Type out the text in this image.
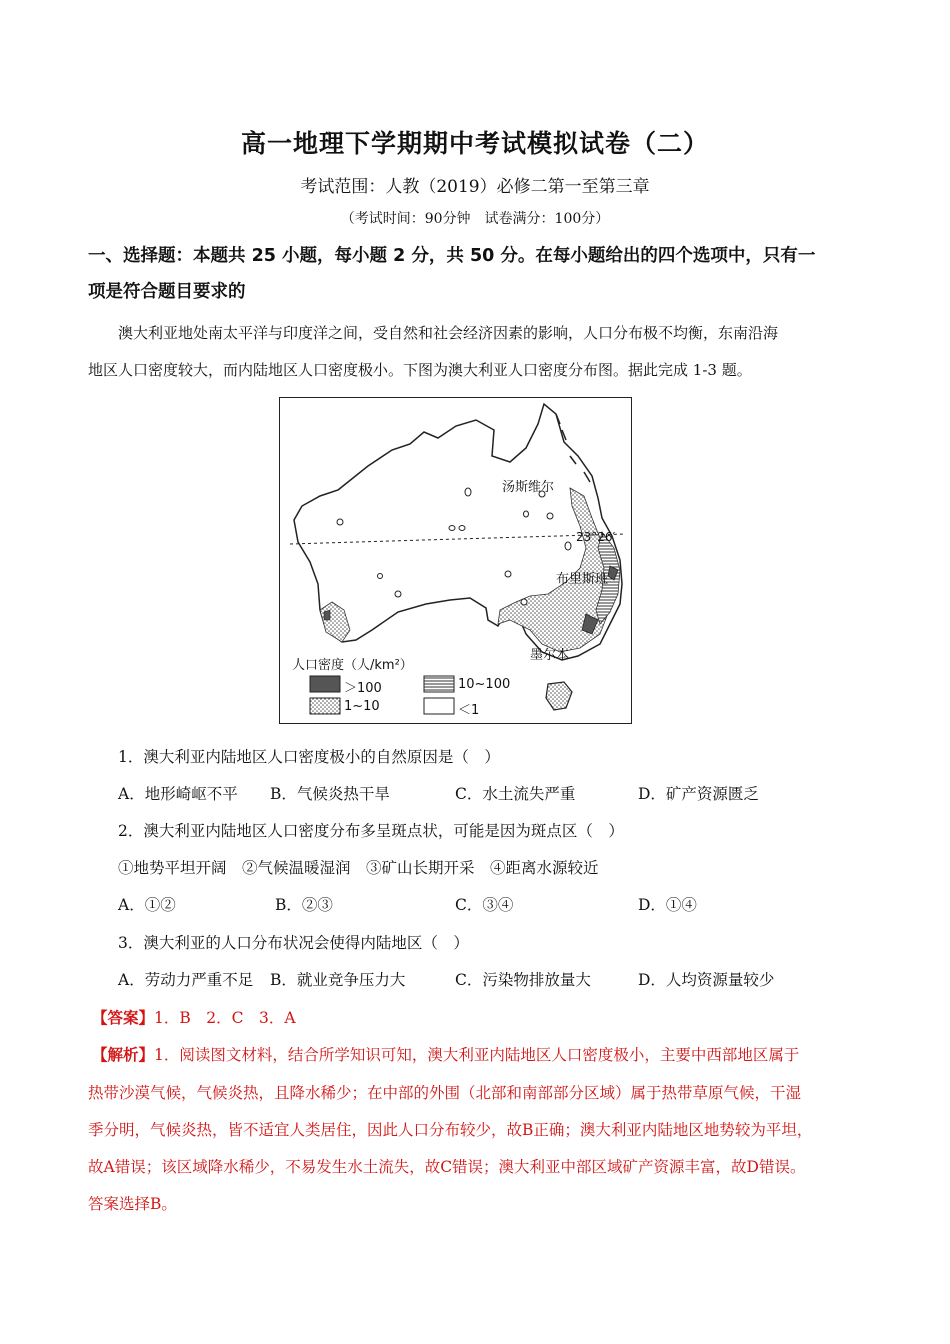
高一地理下学期期中考试模拟试卷（二）
考试范围：人教（2019）必修二第一至第三章
（考试时间：90分钟　试卷满分：100分）
一、选择题：本题共 25 小题，每小题 2 分，共 50 分。在每小题给出的四个选项中，只有一
项是符合题目要求的
澳大利亚地处南太平洋与印度洋之间，受自然和社会经济因素的影响，人口分布极不均衡，东南沿海
地区人口密度较大，而内陆地区人口密度极小。下图为澳大利亚人口密度分布图。据此完成 1-3 题。
汤斯维尔
布里斯班
墨尔本
23°26′
人口密度（人/km²）
＞100	10~100
1~10	＜1
1．澳大利亚内陆地区人口密度极小的自然原因是（　）
A．地形崎岖不平 B．气候炎热干旱	C．水土流失严重	D．矿产资源匮乏
2．澳大利亚内陆地区人口密度分布多呈斑点状，可能是因为斑点区（　）
①地势平坦开阔　②气候温暖湿润　③矿山长期开采　④距离水源较近
A．①②	B．②③	C．③④	D．①④
3．澳大利亚的人口分布状况会使得内陆地区（　）
A．劳动力严重不足 B．就业竞争压力大	C．污染物排放量大	D．人均资源量较少
【答案】1．B　2．C　3．A
【解析】1．阅读图文材料，结合所学知识可知，澳大利亚内陆地区人口密度极小，主要中西部地区属于
热带沙漠气候，气候炎热，且降水稀少；在中部的外围（北部和南部部分区域）属于热带草原气候，干湿
季分明，气候炎热，皆不适宜人类居住，因此人口分布较少，故B正确；澳大利亚内陆地区地势较为平坦，
故A错误；该区域降水稀少，不易发生水土流失，故C错误；澳大利亚中部区域矿产资源丰富，故D错误。
答案选择B。
